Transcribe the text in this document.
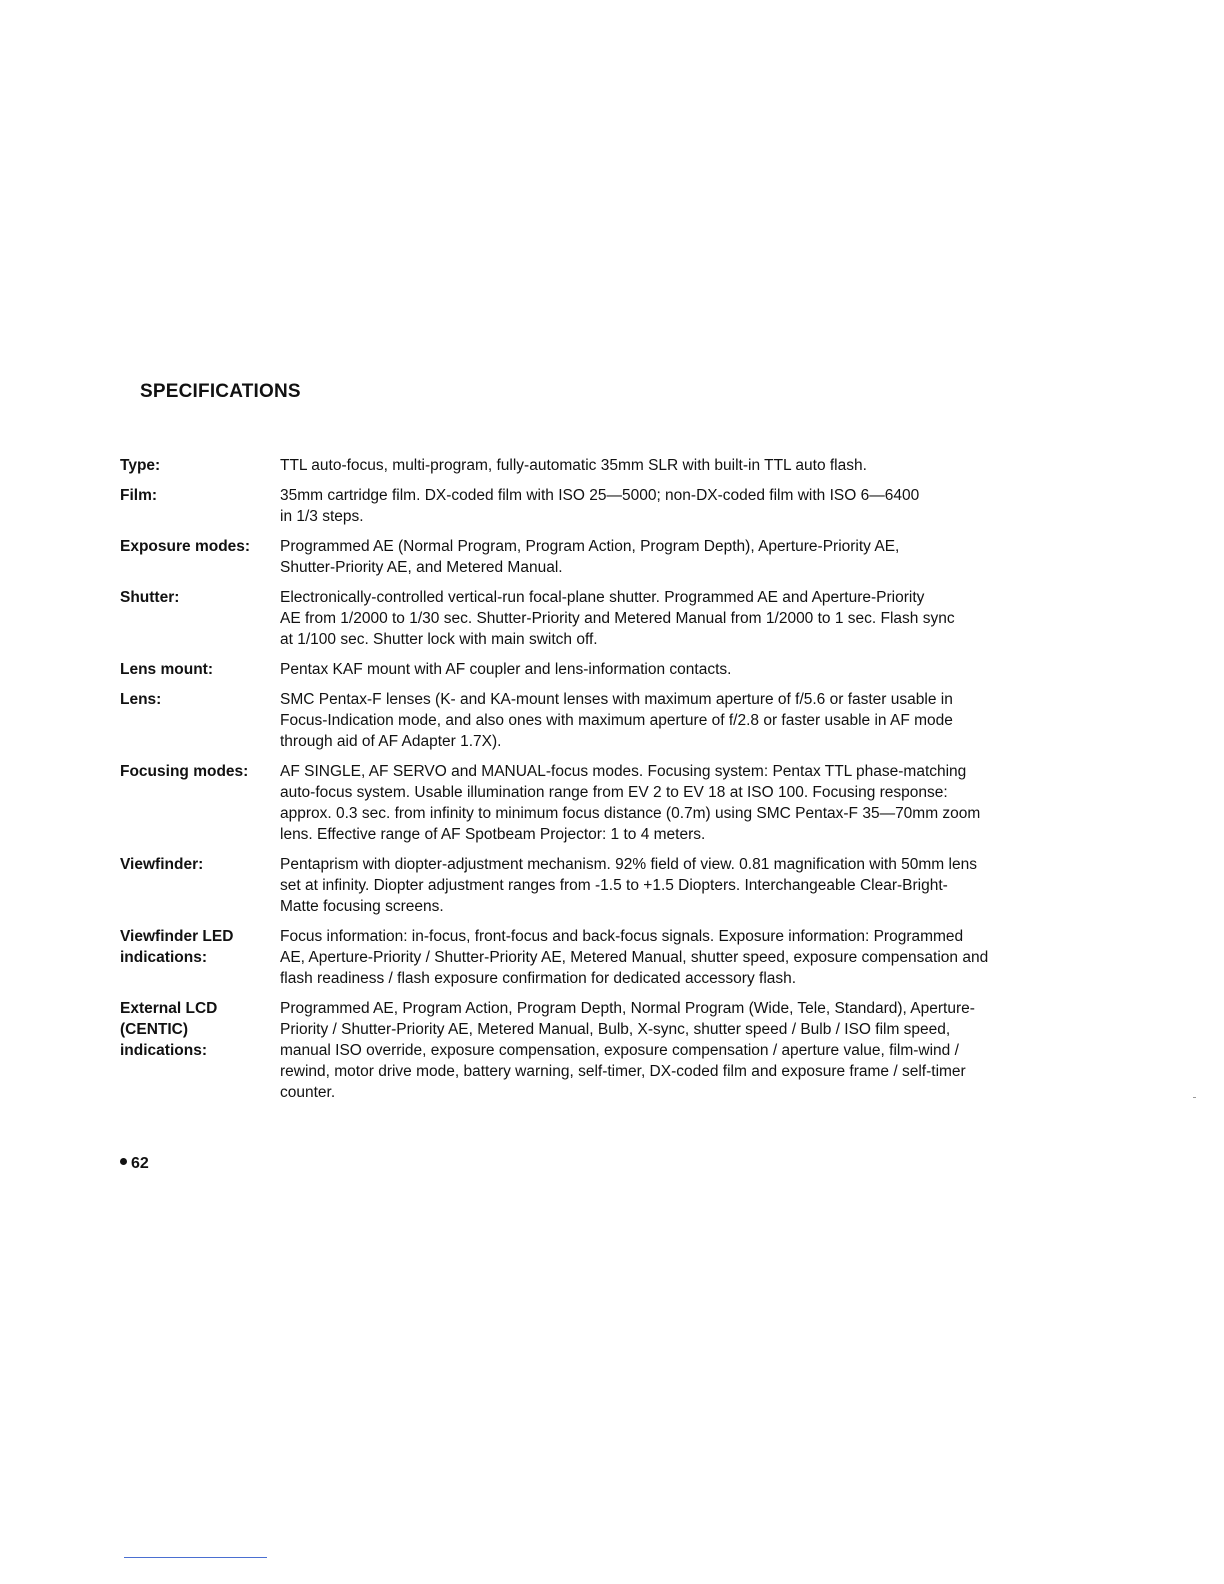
SPECIFICATIONS
Type:	TTL auto-focus, multi-program, fully-automatic 35mm SLR with built-in TTL auto flash.
Film:	35mm cartridge film. DX-coded film with ISO 25—5000; non-DX-coded film with ISO 6—6400
in 1/3 steps.
Exposure modes:	Programmed AE (Normal Program, Program Action, Program Depth), Aperture-Priority AE,
Shutter-Priority AE, and Metered Manual.
Shutter:	Electronically-controlled vertical-run focal-plane shutter. Programmed AE and Aperture-Priority
AE from 1/2000 to 1/30 sec. Shutter-Priority and Metered Manual from 1/2000 to 1 sec. Flash sync
at 1/100 sec. Shutter lock with main switch off.
Lens mount:	Pentax KAF mount with AF coupler and lens-information contacts.
Lens:	SMC Pentax-F lenses (K- and KA-mount lenses with maximum aperture of f/5.6 or faster usable in
Focus-Indication mode, and also ones with maximum aperture of f/2.8 or faster usable in AF mode
through aid of AF Adapter 1.7X).
Focusing modes:	AF SINGLE, AF SERVO and MANUAL-focus modes. Focusing system: Pentax TTL phase-matching
auto-focus system. Usable illumination range from EV 2 to EV 18 at ISO 100. Focusing response:
approx. 0.3 sec. from infinity to minimum focus distance (0.7m) using SMC Pentax-F 35—70mm zoom
lens. Effective range of AF Spotbeam Projector: 1 to 4 meters.
Viewfinder:	Pentaprism with diopter-adjustment mechanism. 92% field of view. 0.81 magnification with 50mm lens
set at infinity. Diopter adjustment ranges from -1.5 to +1.5 Diopters. Interchangeable Clear-Bright-
Matte focusing screens.
Viewfinder LED
indications:
Focus information: in-focus, front-focus and back-focus signals. Exposure information: Programmed
AE, Aperture-Priority / Shutter-Priority AE, Metered Manual, shutter speed, exposure compensation and
flash readiness / flash exposure confirmation for dedicated accessory flash.
External LCD
(CENTIC)
indications:
Programmed AE, Program Action, Program Depth, Normal Program (Wide, Tele, Standard), Aperture-
Priority / Shutter-Priority AE, Metered Manual, Bulb, X-sync, shutter speed / Bulb / ISO film speed,
manual ISO override, exposure compensation, exposure compensation / aperture value, film-wind /
rewind, motor drive mode, battery warning, self-timer, DX-coded film and exposure frame / self-timer
counter.
62
